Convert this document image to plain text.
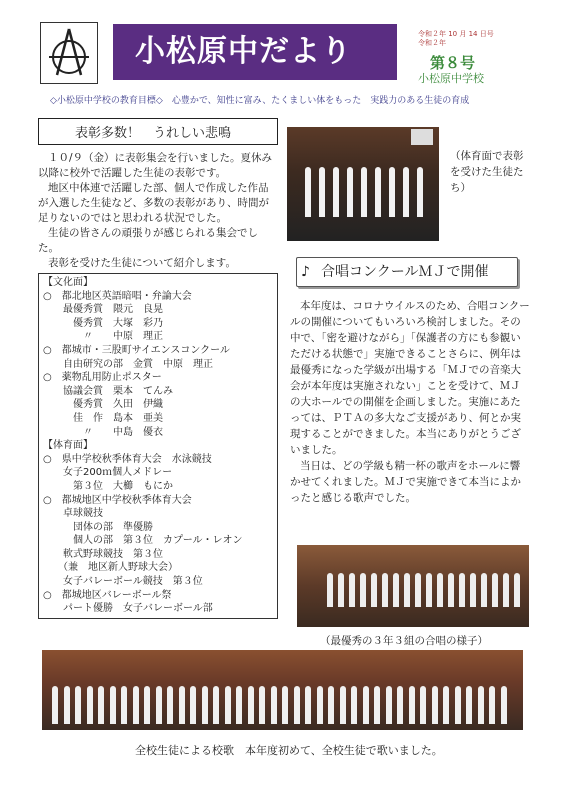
小松原中だより	令和２年 10 月 14 日号
令和２年
第８号
小松原中学校
◇小松原中学校の教育目標◇　心豊かで、知性に富み、たくましい体をもった　実践力のある生徒の育成
表彰多数！　うれしい悲鳴

１０/９（金）に表彰集会を行いました。夏休み以降に校外で活躍した生徒の表彰です。

地区中体連で活躍した部、個人で作成した作品が入選した生徒など、多数の表彰があり、時間が足りないのではと思われる状況でした。

生徒の皆さんの頑張りが感じられる集会でした。

表彰を受けた生徒について紹介します。

【文化面】
○　都北地区英語暗唱・弁論大会
　　最優秀賞　隈元　良晃
　　　優秀賞　大塚　彩乃
　　　　〃　　中原　理正
○　都城市・三股町サイエンスコンクール
　　自由研究の部　金賞　中原　理正
○　薬物乱用防止ポスター
　　協議会賞　栗本　てんみ
　　　優秀賞　久田　伊織
　　　佳　作　島本　亜美
　　　　〃　　中島　優衣
【体育面】
○　県中学校秋季体育大会　水泳競技
　　女子200ｍ個人メドレー
　　　第３位　大櫛　もにか
○　都城地区中学校秋季体育大会
　　卓球競技
　　　団体の部　準優勝
　　　個人の部　第３位　カプール・レオン
　　軟式野球競技　第３位
　　（兼　地区新人野球大会）
　　女子バレーボール競技　第３位
○　都城地区バレーボール祭
　　パート優勝　女子バレーボール部
（体育面で表彰を受けた生徒たち）
♪ 合唱コンクールＭＪで開催

本年度は、コロナウイルスのため、合唱コンクールの開催についてもいろいろ検討しました。その中で、「密を避けながら」「保護者の方にも参観いただける状態で」実施できることさらに、例年は最優秀になった学級が出場する「ＭＪでの音楽大会が本年度は実施されない」ことを受けて、ＭＪの大ホールでの開催を企画しました。実施にあたっては、ＰＴＡの多大なご支援があり、何とか実現することができました。本当にありがとうございました。

当日は、どの学級も精一杯の歌声をホールに響かせてくれました。ＭＪで実施できて本当によかったと感じる歌声でした。

（最優秀の３年３組の合唱の様子）
全校生徒による校歌　本年度初めて、全校生徒で歌いました。
